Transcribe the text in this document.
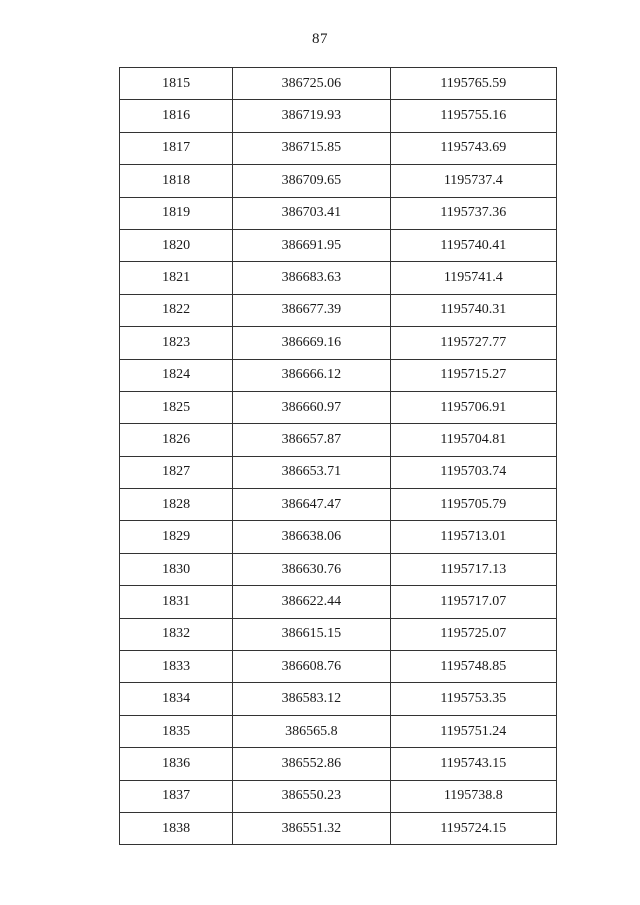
87
1815	386725.06	1195765.59
1816	386719.93	1195755.16
1817	386715.85	1195743.69
1818	386709.65	1195737.4
1819	386703.41	1195737.36
1820	386691.95	1195740.41
1821	386683.63	1195741.4
1822	386677.39	1195740.31
1823	386669.16	1195727.77
1824	386666.12	1195715.27
1825	386660.97	1195706.91
1826	386657.87	1195704.81
1827	386653.71	1195703.74
1828	386647.47	1195705.79
1829	386638.06	1195713.01
1830	386630.76	1195717.13
1831	386622.44	1195717.07
1832	386615.15	1195725.07
1833	386608.76	1195748.85
1834	386583.12	1195753.35
1835	386565.8	1195751.24
1836	386552.86	1195743.15
1837	386550.23	1195738.8
1838	386551.32	1195724.15
